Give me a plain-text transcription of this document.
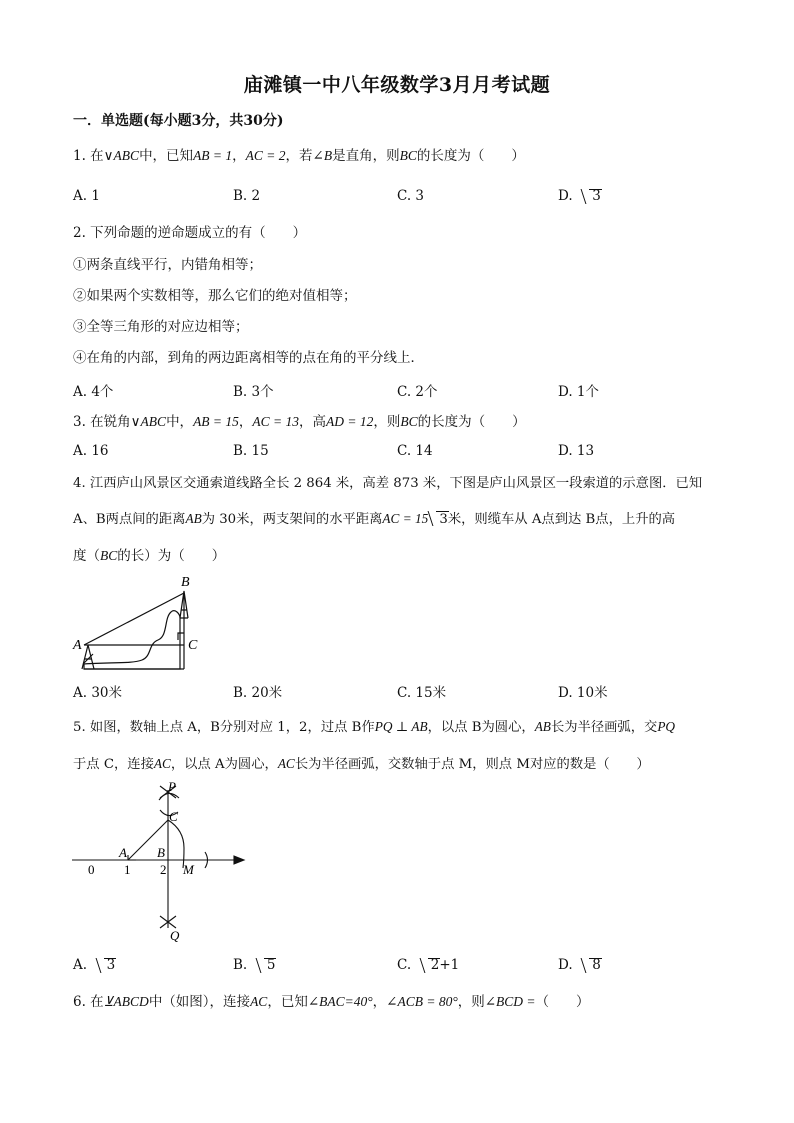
庙滩镇一中八年级数学3月月考试题
一．单选题(每小题3分，共30分)
1. 在∨ABC中，已知AB = 1，AC = 2，若∠B是直角，则BC的长度为（　　）
A. 1	B. 2	C. 3	D. 3
2. 下列命题的逆命题成立的有（　　）
①两条直线平行，内错角相等；
②如果两个实数相等，那么它们的绝对值相等；
③全等三角形的对应边相等；
④在角的内部，到角的两边距离相等的点在角的平分线上．
A. 4个	B. 3个	C. 2个	D. 1个
3. 在锐角∨ABC中，AB = 15，AC = 13，高AD = 12，则BC的长度为（　　）
A. 16	B. 15	C. 14	D. 13
4. 江西庐山风景区交通索道线路全长 2 864 米，高差 873 米，下图是庐山风景区一段索道的示意图．已知
A、B两点间的距离AB为 30米，两支架间的水平距离AC = 15 3米，则缆车从 A点到达 B点，上升的高
度（BC的长）为（　　）
A
B
C
A. 30米	B. 20米	C. 15米	D. 10米
5. 如图，数轴上点 A，B分别对应 1，2，过点 B作PQ ⊥ AB，以点 B为圆心，AB长为半径画弧，交PQ
于点 C，连接AC，以点 A为圆心，AC长为半径画弧，交数轴于点 M，则点 M对应的数是（　　）
P
C
A B
0 1 2 M
Q
A. 3	B. 5	C. 2+1	D. 8
6. 在⊻ABCD中（如图），连接AC，已知∠BAC=40°，∠ACB = 80°，则∠BCD =（　　）
